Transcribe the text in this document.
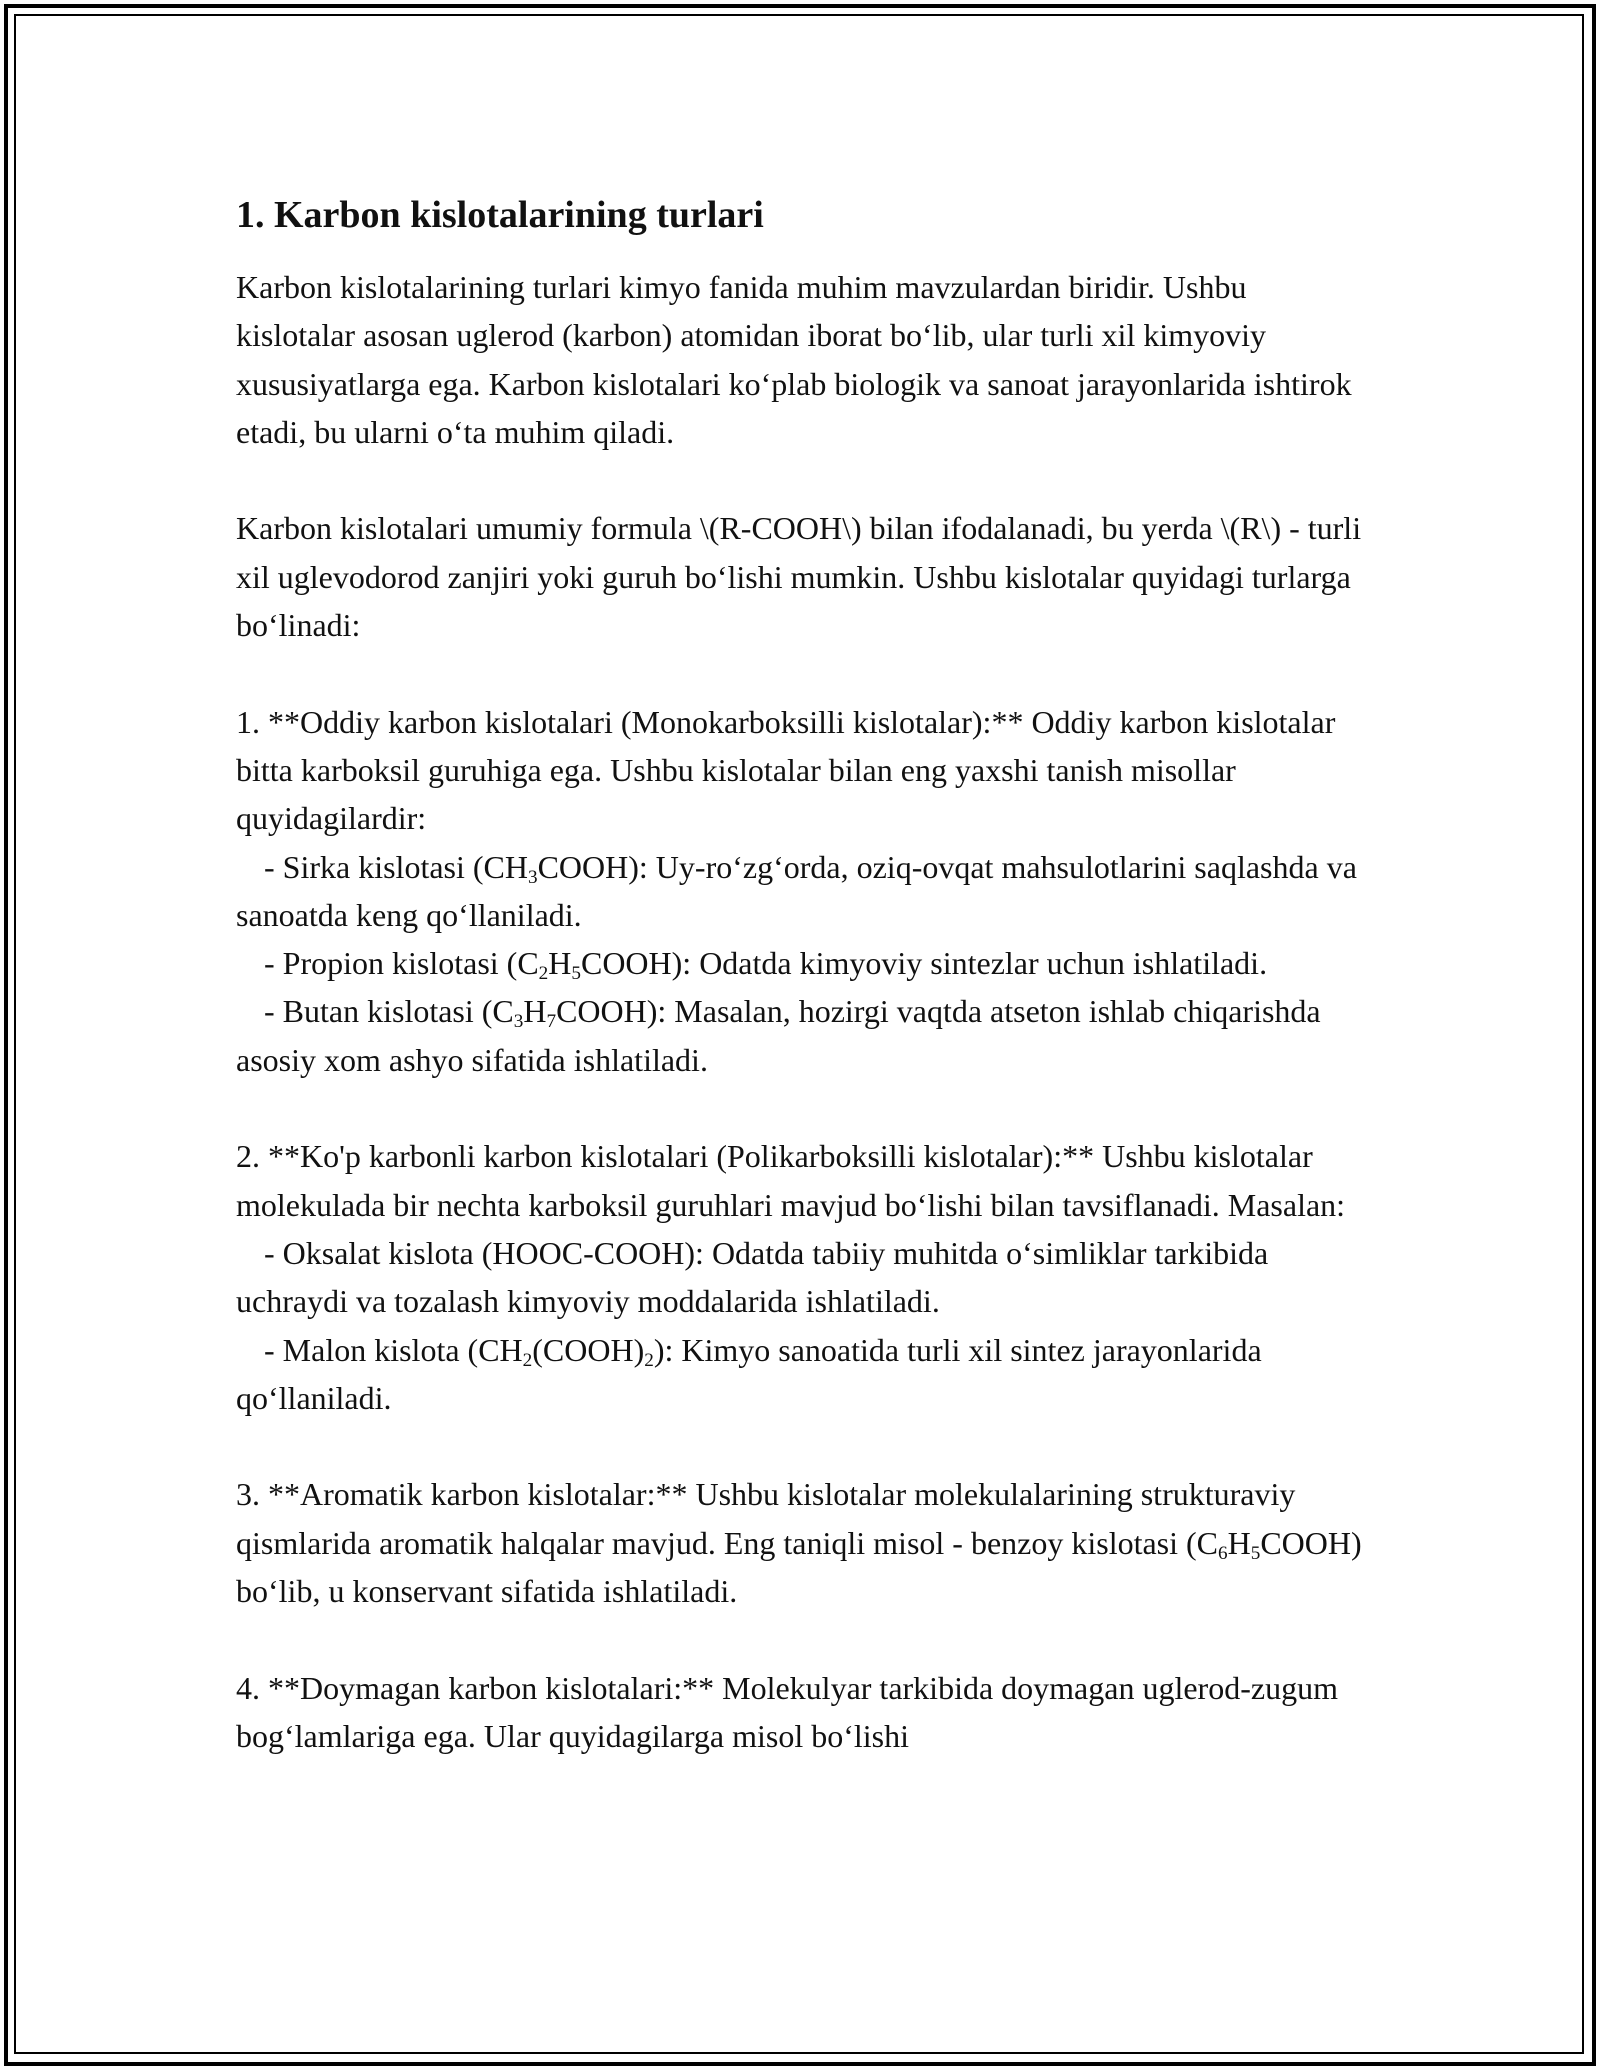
1. Karbon kislotalarining turlari

Karbon kislotalarining turlari kimyo fanida muhim mavzulardan biridir. Ushbu kislotalar asosan uglerod (karbon) atomidan iborat bo‘lib, ular turli xil kimyoviy xususiyatlarga ega. Karbon kislotalari ko‘plab biologik va sanoat jarayonlarida ishtirok etadi, bu ularni o‘ta muhim qiladi.

Karbon kislotalari umumiy formula \(R-COOH\) bilan ifodalanadi, bu yerda \(R\) - turli xil uglevodorod zanjiri yoki guruh bo‘lishi mumkin. Ushbu kislotalar quyidagi turlarga bo‘linadi:

1. **Oddiy karbon kislotalari (Monokarboksilli kislotalar):** Oddiy karbon kislotalar bitta karboksil guruhiga ega. Ushbu kislotalar bilan eng yaxshi tanish misollar quyidagilardir:

- Sirka kislotasi $(CH_3COOH)$: Uy-ro‘zg‘orda, oziq-ovqat mahsulotlarini saqlashda va sanoatda keng qo‘llaniladi.

- Propion kislotasi $(C_2H_5COOH)$: Odatda kimyoviy sintezlar uchun ishlatiladi.

- Butan kislotasi $(C_3H_7COOH)$: Masalan, hozirgi vaqtda atseton ishlab chiqarishda asosiy xom ashyo sifatida ishlatiladi.

2. **Ko'p karbonli karbon kislotalari (Polikarboksilli kislotalar):** Ushbu kislotalar molekulada bir nechta karboksil guruhlari mavjud bo‘lishi bilan tavsiflanadi. Masalan:

- Oksalat kislota (HOOC-COOH): Odatda tabiiy muhitda o‘simliklar tarkibida uchraydi va tozalash kimyoviy moddalarida ishlatiladi.

- Malon kislota $(CH_2(COOH)_2)$: Kimyo sanoatida turli xil sintez jarayonlarida qo‘llaniladi.

3. **Aromatik karbon kislotalar:** Ushbu kislotalar molekulalarining strukturaviy qismlarida aromatik halqalar mavjud. Eng taniqli misol - benzoy kislotasi $(C_6H_5COOH)$ bo‘lib, u konservant sifatida ishlatiladi.

4. **Doymagan karbon kislotalari:** Molekulyar tarkibida doymagan uglerod-zugum bog‘lamlariga ega. Ular quyidagilarga misol bo‘lishi
